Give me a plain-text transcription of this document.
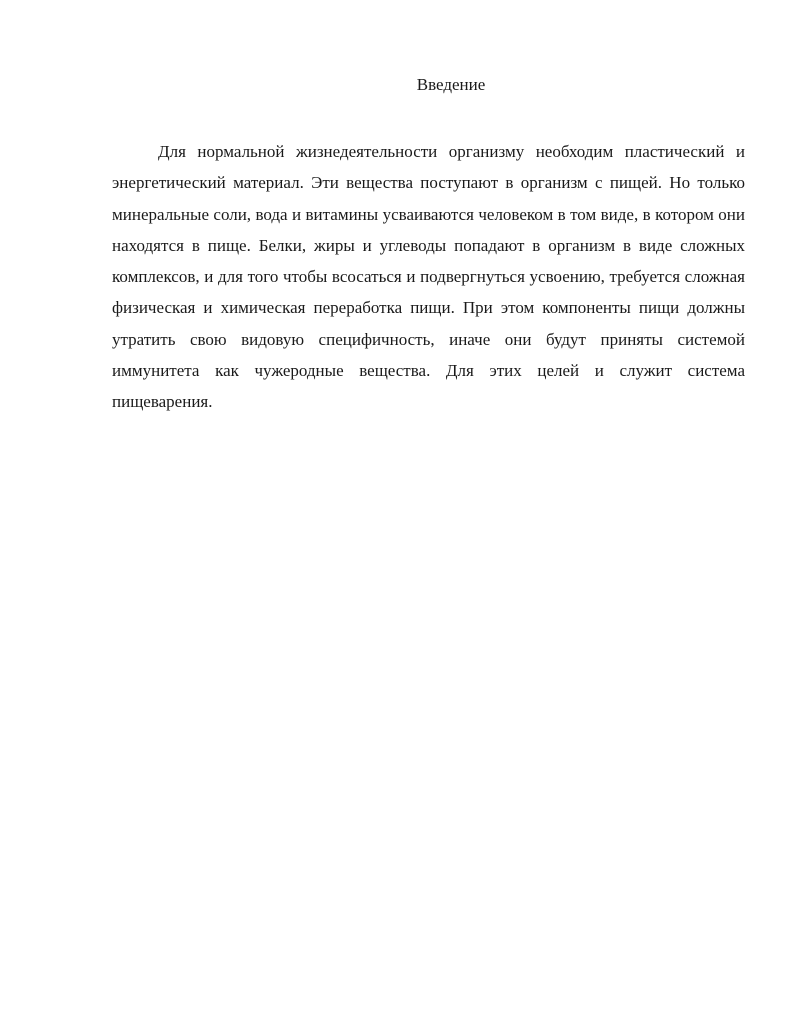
Введение

Для нормальной жизнедеятельности организму необходим пластический и энергетический материал. Эти вещества поступают в организм с пищей. Но только минеральные соли, вода и витамины усваиваются человеком в том виде, в котором они находятся в пище. Белки, жиры и углеводы попадают в организм в виде сложных комплексов, и для того чтобы всосаться и подвергнуться усвоению, требуется сложная физическая и химическая переработка пищи. При этом компоненты пищи должны утратить свою видовую специфичность, иначе они будут приняты системой иммунитета как чужеродные вещества. Для этих целей и служит система пищеварения.
